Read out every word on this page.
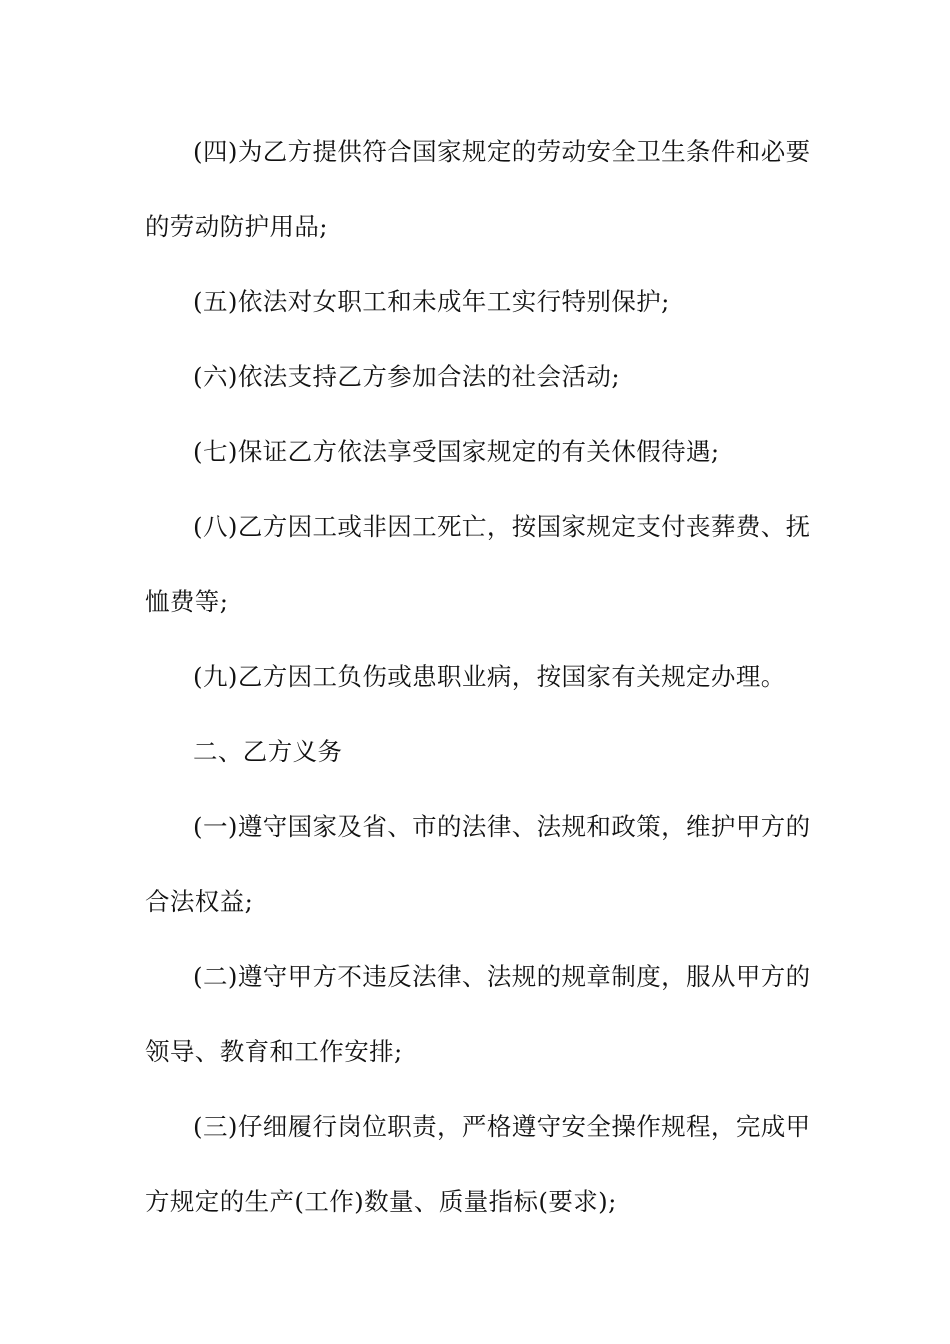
(四)为乙方提供符合国家规定的劳动安全卫生条件和必要
的劳动防护用品;
(五)依法对女职工和未成年工实行特别保护;
(六)依法支持乙方参加合法的社会活动;
(七)保证乙方依法享受国家规定的有关休假待遇;
(八)乙方因工或非因工死亡，按国家规定支付丧葬费、抚
恤费等;
(九)乙方因工负伤或患职业病，按国家有关规定办理。
二、乙方义务
(一)遵守国家及省、市的法律、法规和政策，维护甲方的
合法权益;
(二)遵守甲方不违反法律、法规的规章制度，服从甲方的
领导、教育和工作安排;
(三)仔细履行岗位职责，严格遵守安全操作规程，完成甲
方规定的生产(工作)数量、质量指标(要求);
